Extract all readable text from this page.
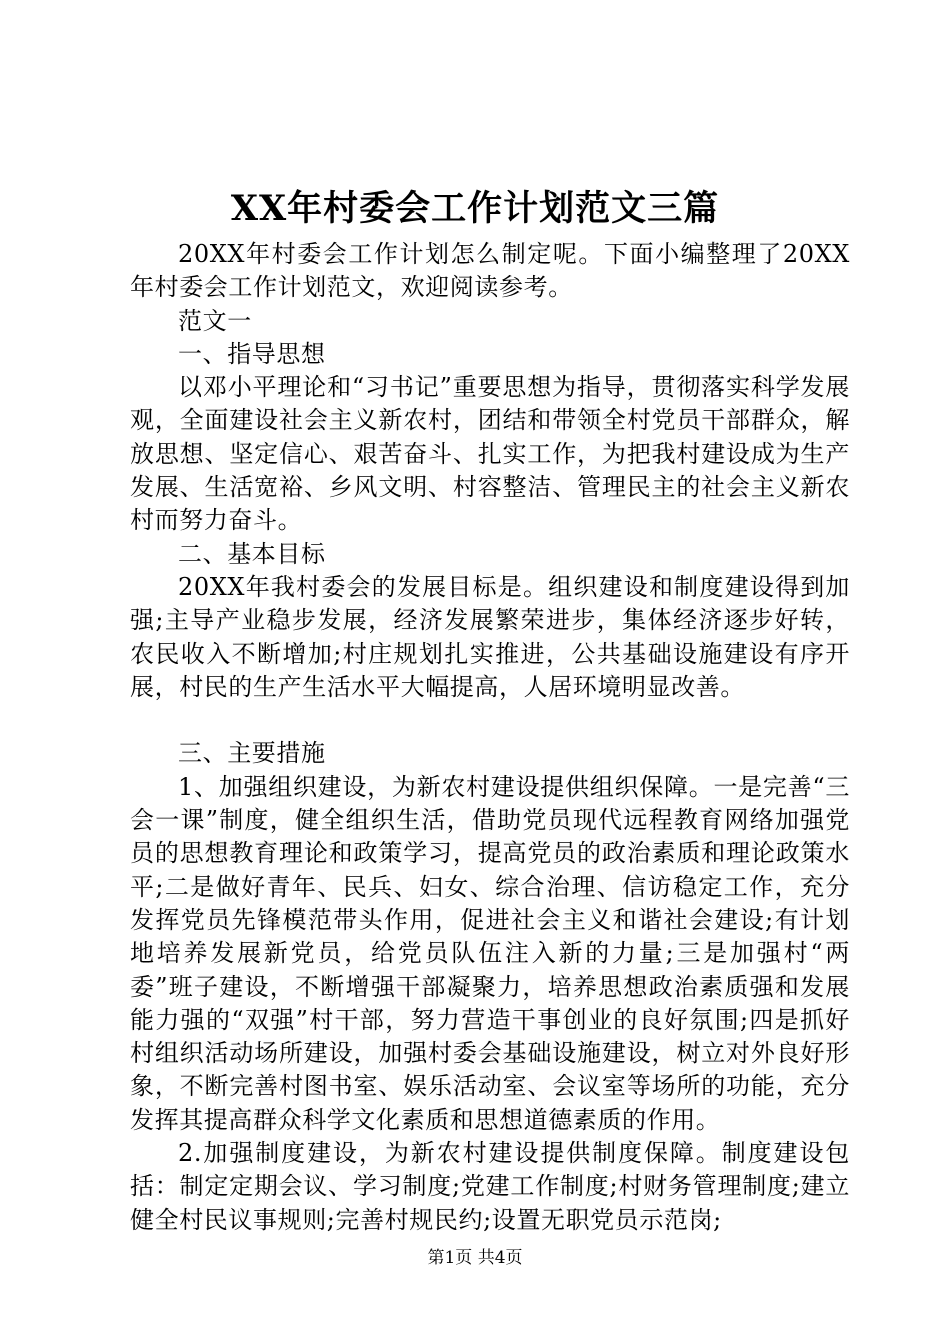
XX年村委会工作计划范文三篇

20XX年村委会工作计划怎么制定呢。下面小编整理了20XX年村委会工作计划范文，欢迎阅读参考。

范文一

一、指导思想

以邓小平理论和“习书记”重要思想为指导，贯彻落实科学发展观，全面建设社会主义新农村，团结和带领全村党员干部群众，解放思想、坚定信心、艰苦奋斗、扎实工作，为把我村建设成为生产发展、生活宽裕、乡风文明、村容整洁、管理民主的社会主义新农村而努力奋斗。

二、基本目标

20XX年我村委会的发展目标是。组织建设和制度建设得到加强;主导产业稳步发展，经济发展繁荣进步，集体经济逐步好转，农民收入不断增加;村庄规划扎实推进，公共基础设施建设有序开展，村民的生产生活水平大幅提高，人居环境明显改善。

三、主要措施

1、加强组织建设，为新农村建设提供组织保障。一是完善“三会一课”制度，健全组织生活，借助党员现代远程教育网络加强党员的思想教育理论和政策学习，提高党员的政治素质和理论政策水平;二是做好青年、民兵、妇女、综合治理、信访稳定工作，充分发挥党员先锋模范带头作用，促进社会主义和谐社会建设;有计划地培养发展新党员，给党员队伍注入新的力量;三是加强村“两委”班子建设，不断增强干部凝聚力，培养思想政治素质强和发展能力强的“双强”村干部，努力营造干事创业的良好氛围;四是抓好村组织活动场所建设，加强村委会基础设施建设，树立对外良好形象，不断完善村图书室、娱乐活动室、会议室等场所的功能，充分发挥其提高群众科学文化素质和思想道德素质的作用。

2.加强制度建设，为新农村建设提供制度保障。制度建设包括：制定定期会议、学习制度;党建工作制度;村财务管理制度;建立健全村民议事规则;完善村规民约;设置无职党员示范岗;

第1页 共4页
